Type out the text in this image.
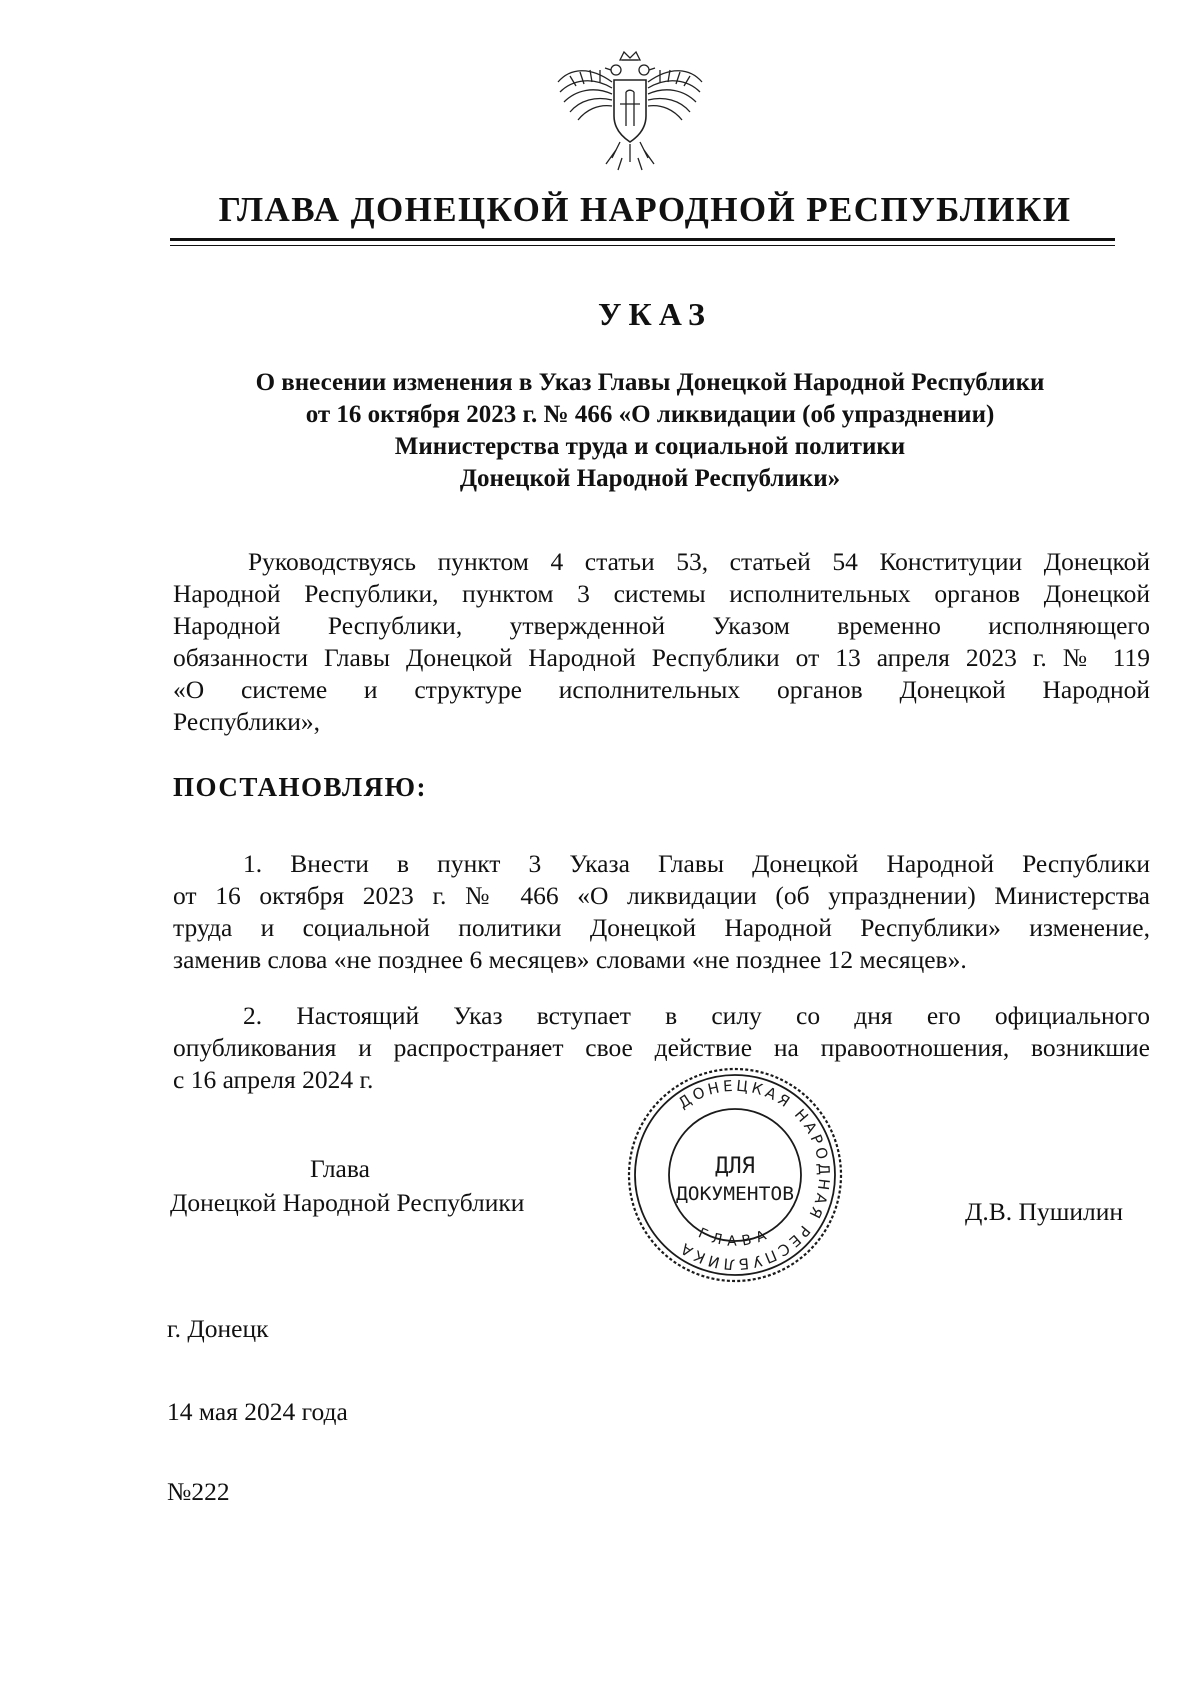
ГЛАВА ДОНЕЦКОЙ НАРОДНОЙ РЕСПУБЛИКИ
УКАЗ
О внесении изменения в Указ Главы Донецкой Народной Республики
от 16 октября 2023 г. № 466 «О ликвидации (об упразднении)
Министерства труда и социальной политики
Донецкой Народной Республики»
Руководствуясь пунктом 4 статьи 53, статьей 54 Конституции Донецкой
Народной Республики, пунктом 3 системы исполнительных органов Донецкой
Народной Республики, утвержденной Указом временно исполняющего
обязанности Главы Донецкой Народной Республики от 13 апреля 2023 г. № 119
«О системе и структуре исполнительных органов Донецкой Народной
Республики»,
ПОСТАНОВЛЯЮ:
1. Внести в пункт 3 Указа Главы Донецкой Народной Республики
от 16 октября 2023 г. № 466 «О ликвидации (об упразднении) Министерства
труда и социальной политики Донецкой Народной Республики» изменение,
заменив слова «не позднее 6 месяцев» словами «не позднее 12 месяцев».
2. Настоящий Указ вступает в силу со дня его официального
опубликования и распространяет свое действие на правоотношения, возникшие
с 16 апреля 2024 г.
Глава
Донецкой Народной Республики
ДОНЕЦКАЯ НАРОДНАЯ РЕСПУБЛИКА
ГЛАВА
ДЛЯ
ДОКУМЕНТОВ
Д.В. Пушилин
г. Донецк
14 мая 2024 года
№222
